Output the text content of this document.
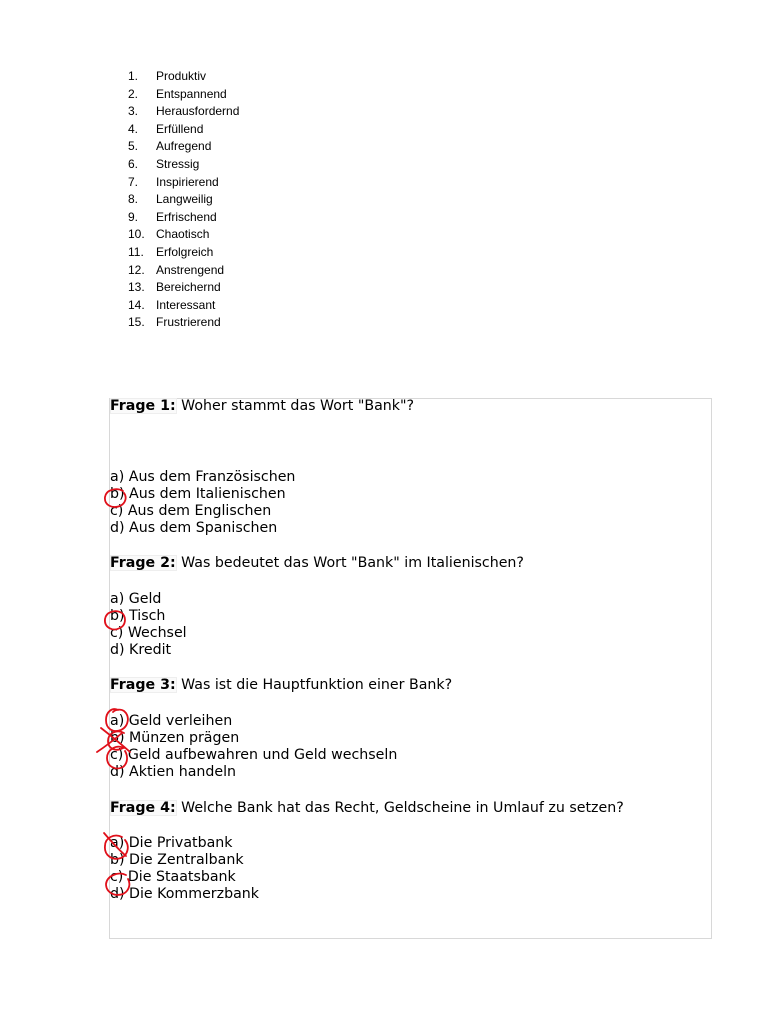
1. Produktiv
2. Entspannend
3. Herausfordernd
4. Erfüllend
5. Aufregend
6. Stressig
7. Inspirierend
8. Langweilig
9. Erfrischend
10. Chaotisch
11. Erfolgreich
12. Anstrengend
13. Bereichernd
14. Interessant
15. Frustrierend
Frage 1: Woher stammt das Wort "Bank"?
a) Aus dem Französischen
b) Aus dem Italienischen
c) Aus dem Englischen
d) Aus dem Spanischen
Frage 2: Was bedeutet das Wort "Bank" im Italienischen?
a) Geld
b) Tisch
c) Wechsel
d) Kredit
Frage 3: Was ist die Hauptfunktion einer Bank?
a) Geld verleihen
b) Münzen prägen
c) Geld aufbewahren und Geld wechseln
d) Aktien handeln
Frage 4: Welche Bank hat das Recht, Geldscheine in Umlauf zu setzen?
a) Die Privatbank
b) Die Zentralbank
c) Die Staatsbank
d) Die Kommerzbank
